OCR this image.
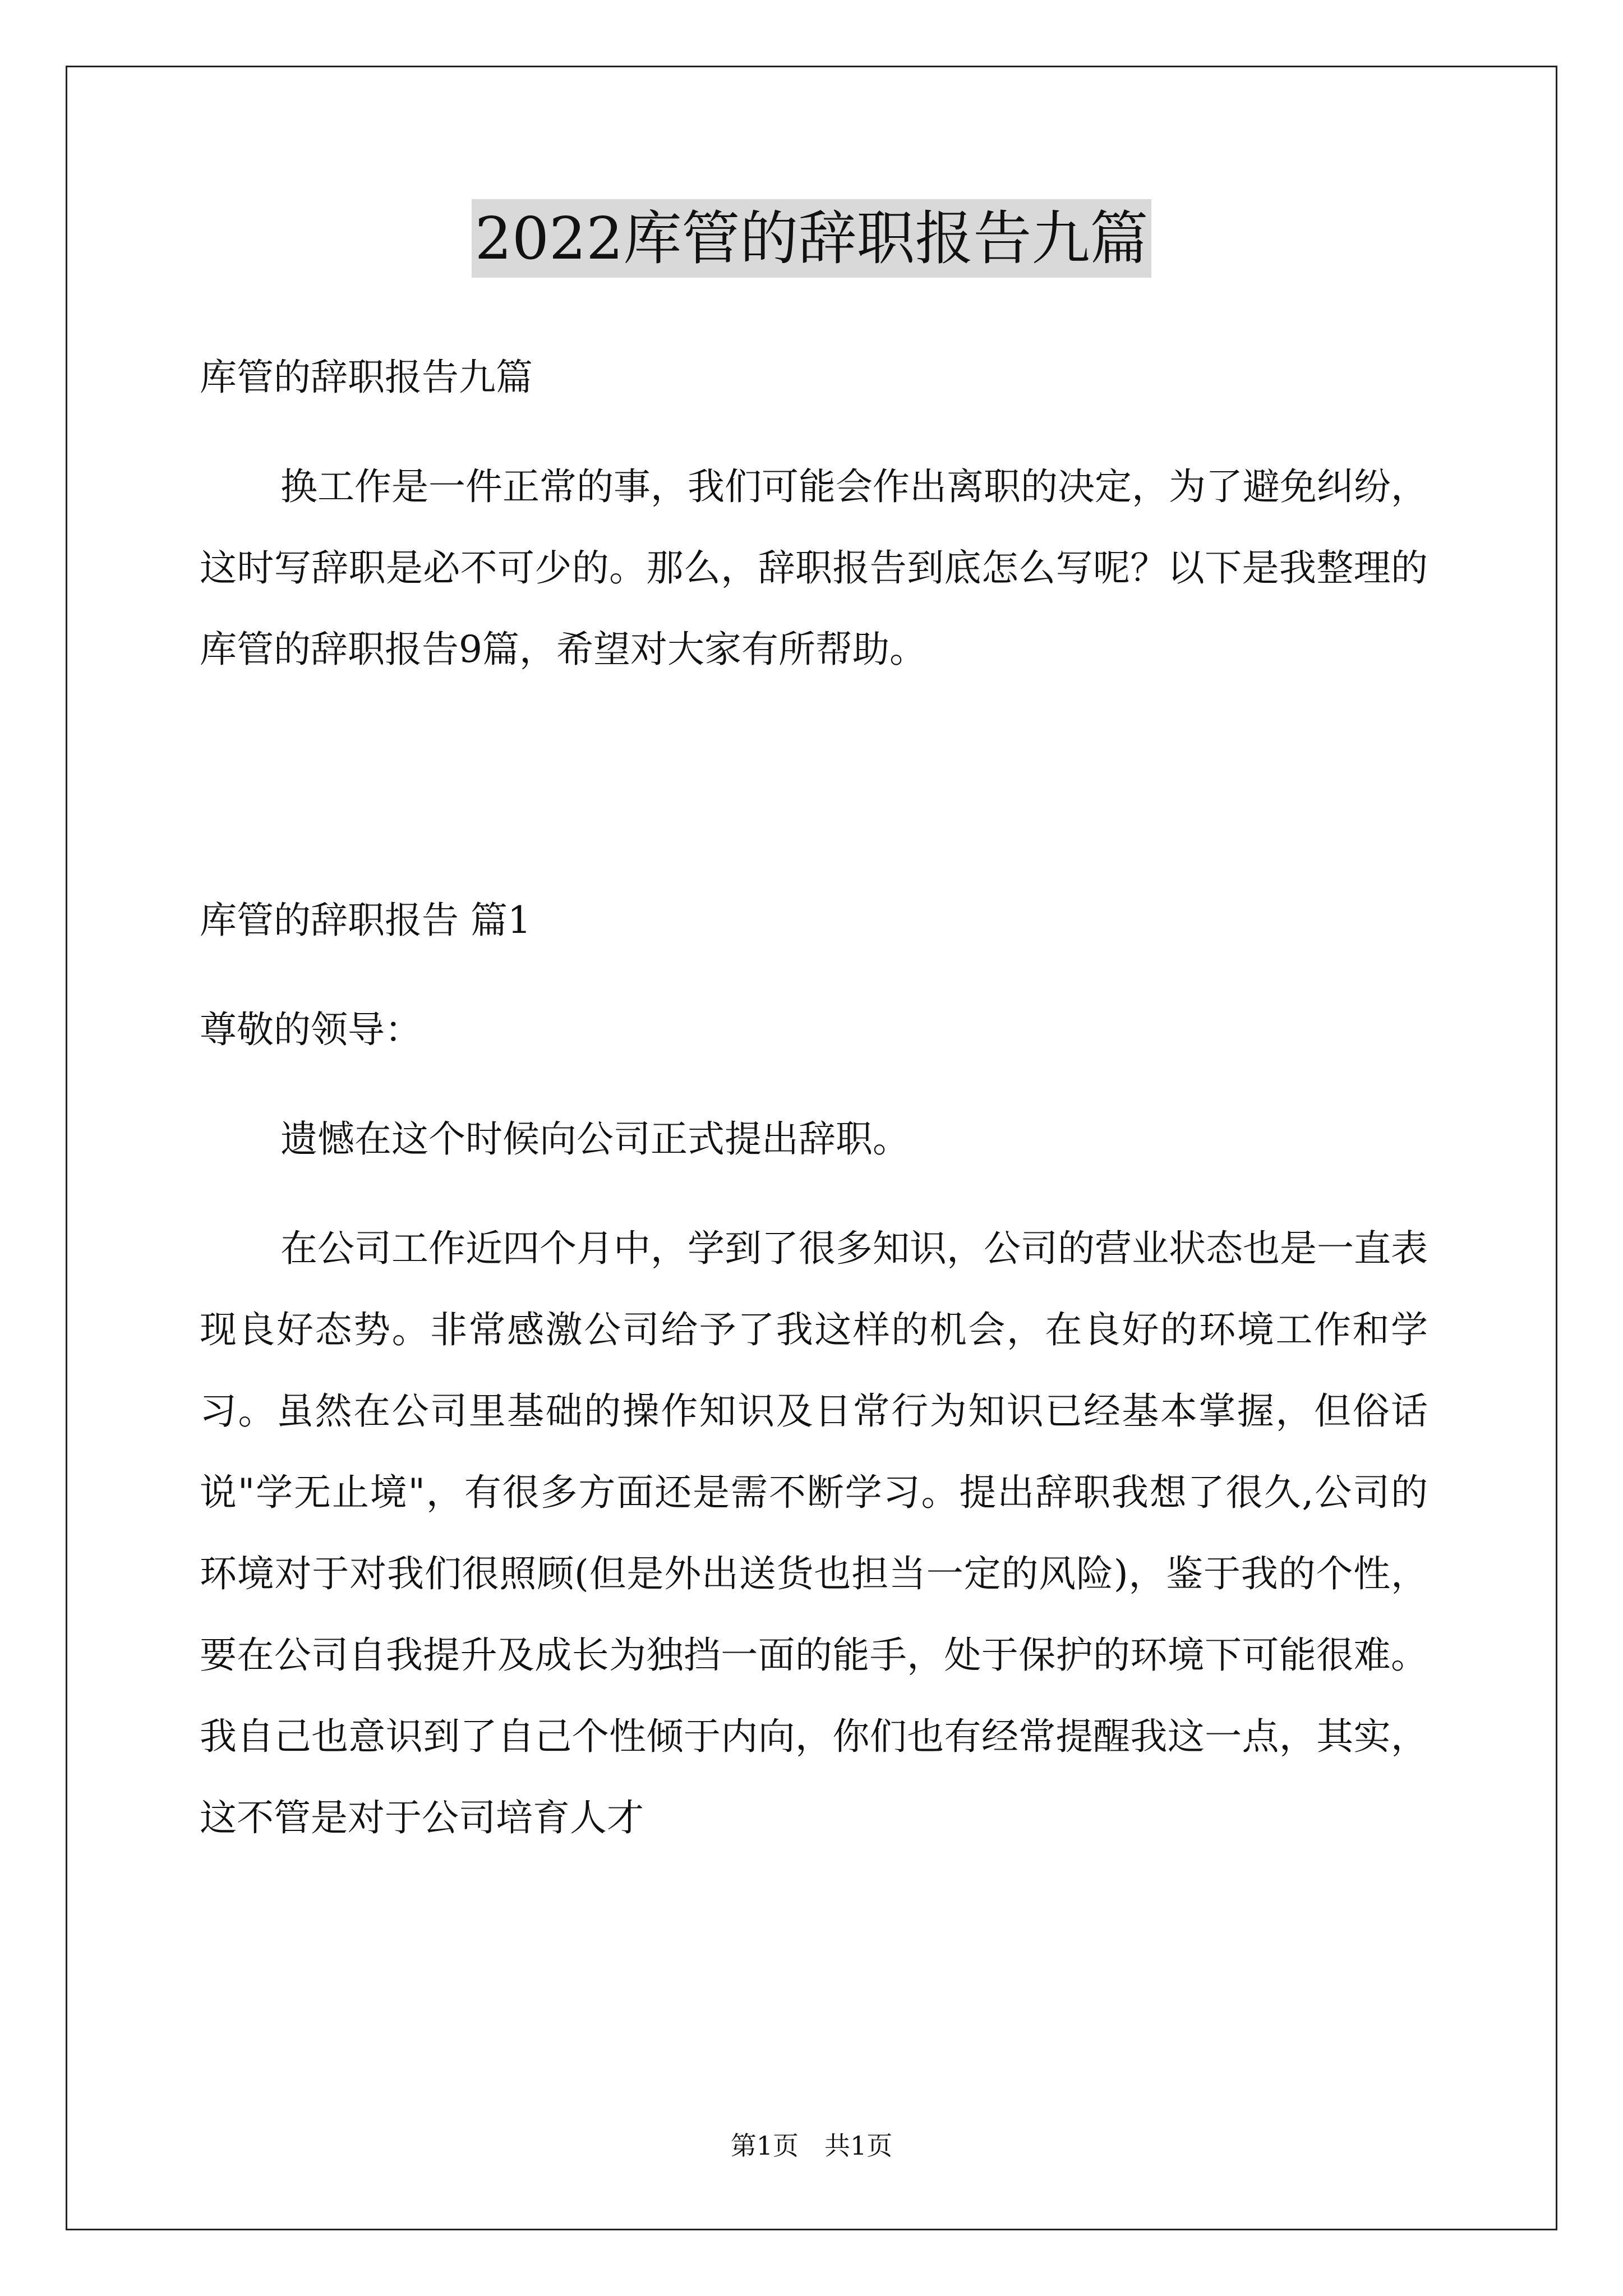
2022库管的辞职报告九篇
库管的辞职报告九篇
换工作是一件正常的事，我们可能会作出离职的决定，为了避免纠纷，这时写辞职是必不可少的。那么，辞职报告到底怎么写呢？以下是我整理的库管的辞职报告9篇，希望对大家有所帮助。
库管的辞职报告 篇1
尊敬的领导：
遗憾在这个时候向公司正式提出辞职。
在公司工作近四个月中，学到了很多知识，公司的营业状态也是一直表现良好态势。非常感激公司给予了我这样的机会，在良好的环境工作和学习。虽然在公司里基础的操作知识及日常行为知识已经基本掌握，但俗话说"学无止境"，有很多方面还是需不断学习。提出辞职我想了很久,公司的环境对于对我们很照顾(但是外出送货也担当一定的风险)，鉴于我的个性，要在公司自我提升及成长为独挡一面的能手，处于保护的环境下可能很难。我自己也意识到了自己个性倾于内向，你们也有经常提醒我这一点，其实，这不管是对于公司培育人才
第1页 共1页
